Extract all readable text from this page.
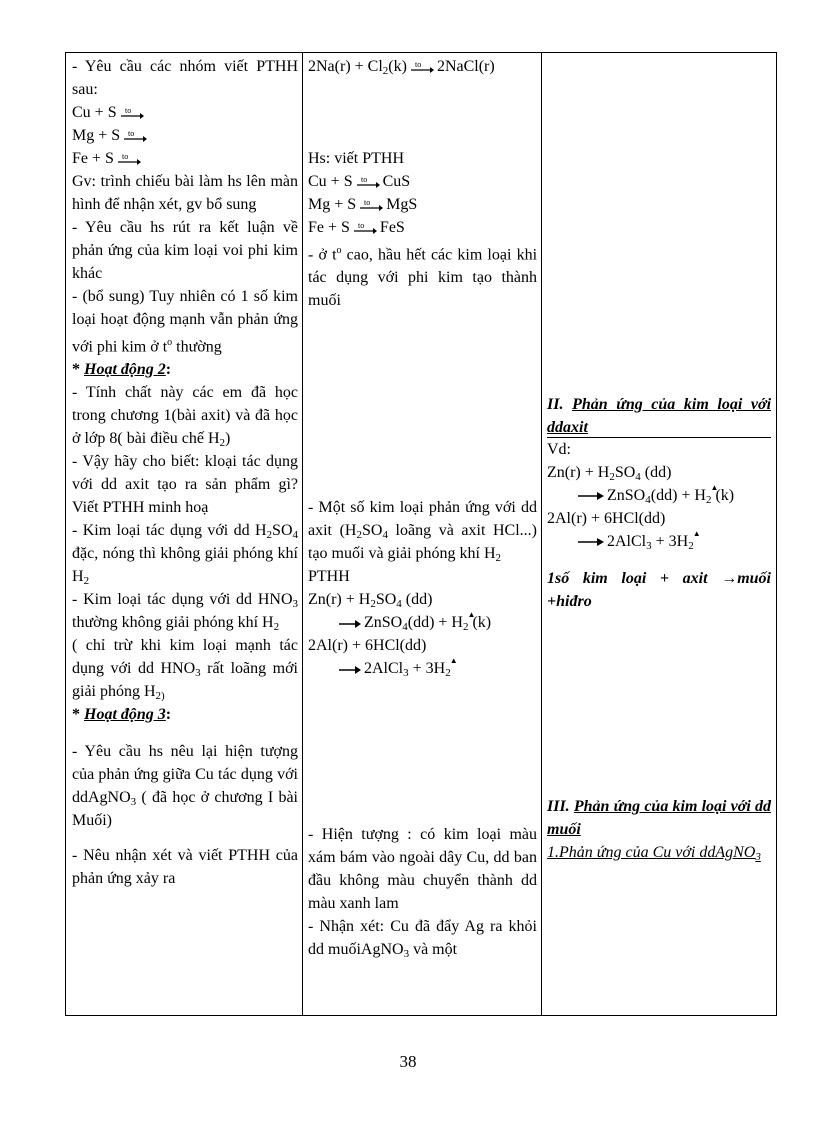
- Yêu cầu các nhóm viết PTHH sau:

Cu + S to

Mg + S to

Fe + S to

Gv: trình chiếu bài làm hs lên màn hình để nhận xét, gv bổ sung

- Yêu cầu hs rút ra kết luận về phản ứng của kim loại voi phi kim khác

- (bổ sung) Tuy nhiên có 1 số kim loại hoạt động mạnh vẫn phản ứng với phi kim ở $t^o$ thường

* Hoạt động 2:

- Tính chất này các em đã học trong chương 1(bài axit) và đã học ở lớp 8( bài điều chế $H_2$)

- Vậy hãy cho biết: kloại tác dụng với dd axit tạo ra sản phẩm gì? Viết PTHH minh hoạ

- Kim loại tác dụng với dd $H_2SO_4$ đặc, nóng thì không giải phóng khí $H_2$

- Kim loại tác dụng với dd $HNO_3$ thường không giải phóng khí $H_2$

( chỉ trừ khi kim loại mạnh tác dụng với dd $HNO_3$ rất loãng mới giải phóng $H_{2)}$

* Hoạt động 3:

- Yêu cầu hs nêu lại hiện tượng của phản ứng giữa Cu tác dụng với ddAgNO$_3$ ( đã học ở chương I bài Muối)

- Nêu nhận xét và viết PTHH của phản ứng xảy ra

$2Na(r) + Cl_2(k)$ to 2NaCl(r)

Hs: viết PTHH

Cu + S to CuS

Mg + S to MgS

Fe + S to FeS

- ở $t^o$ cao, hầu hết các kim loại khi tác dụng với phi kim tạo thành muối

- Một số kim loại phản ứng với dd axit ($H_2SO_4$ loãng và axit HCl...) tạo muối và giải phóng khí $H_2$

PTHH

$Zn(r) + H_2SO_4$ (dd)

ZnSO$_4$(dd) + $H_2$ ▲ (k)

2Al(r) + 6HCl(dd)

2AlCl$_3$ + $3H_2$ ▲

- Hiện tượng : có kim loại màu xám bám vào ngoài dây Cu, dd ban đầu không màu chuyển thành dd màu xanh lam

- Nhận xét: Cu đã đẩy Ag ra khỏi dd muốiAgNO$_3$ và một

II. Phản ứng của kim loại với ddaxit

Vd:

$Zn(r) + H_2SO_4$ (dd)

ZnSO$_4$(dd) + $H_2$ ▲ (k)

2Al(r) + 6HCl(dd)

2AlCl$_3$ + $3H_2$ ▲

1số kim loại + axit →muối +hiđro

III. Phản ứng của kim loại với dd muối

1.Phản ứng của Cu với ddAgNO$_3$

38
